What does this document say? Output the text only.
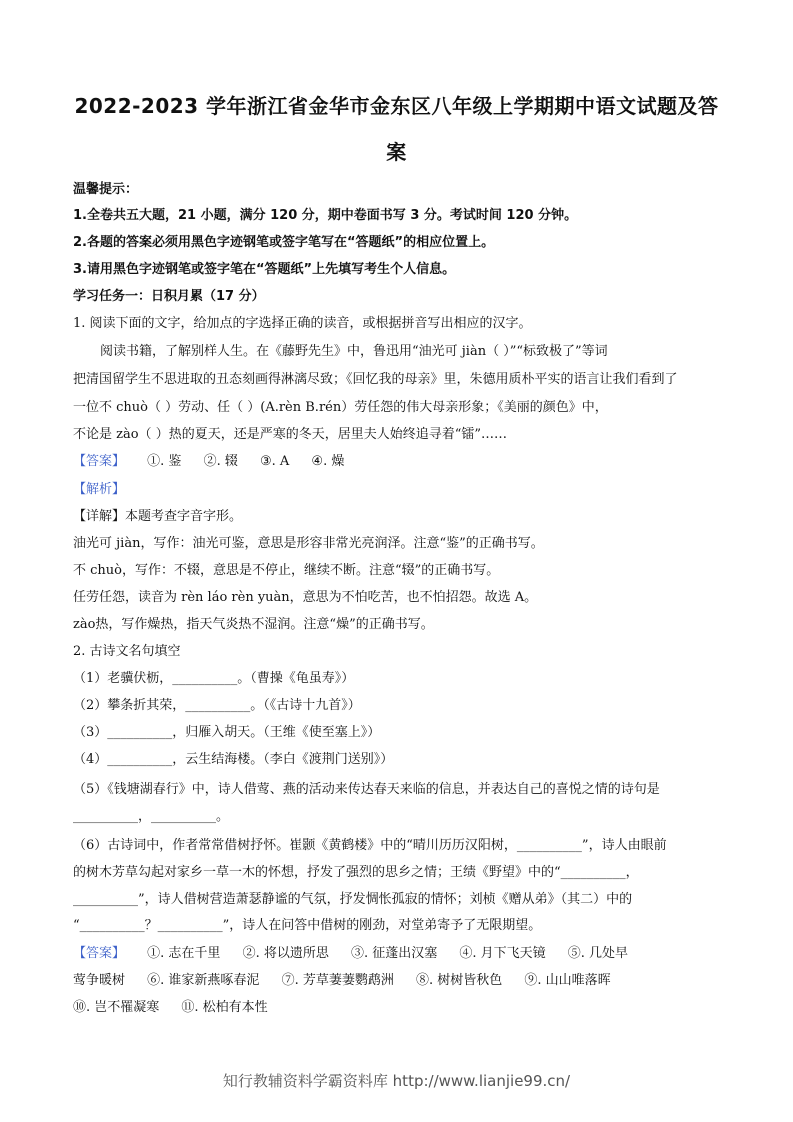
2022-2023 学年浙江省金华市金东区八年级上学期期中语文试题及答
案
温馨提示：
1.全卷共五大题，21 小题，满分 120 分，期中卷面书写 3 分。考试时间 120 分钟。
2.各题的答案必须用黑色字迹钢笔或签字笔写在“答题纸”的相应位置上。
3.请用黑色字迹钢笔或签字笔在“答题纸”上先填写考生个人信息。
学习任务一：日积月累（17 分）
1. 阅读下面的文字，给加点的字选择正确的读音，或根据拼音写出相应的汉字。
阅读书籍，了解别样人生。在《藤野先生》中，鲁迅用“油光可 jiàn（ ）”“标致极了”等词
把清国留学生不思进取的丑态刻画得淋漓尽致；《回忆我的母亲》里，朱德用质朴平实的语言让我们看到了
一位不 chuò（ ）劳动、任（ ）(A.rèn B.rén）劳任怨的伟大母亲形象；《美丽的颜色》中，
不论是 zào（ ）热的夏天，还是严寒的冬天，居里夫人始终追寻着“镭”……
【答案】 ①. 鉴 ②. 辍 ③. A ④. 燥
【解析】
【详解】本题考查字音字形。
油光可 jiàn，写作：油光可鉴，意思是形容非常光亮润泽。注意“鉴”的正确书写。
不 chuò，写作：不辍，意思是不停止，继续不断。注意“辍”的正确书写。
任劳任怨，读音为 rèn láo rèn yuàn，意思为不怕吃苦，也不怕招怨。故选 A。
zào热，写作燥热，指天气炎热不湿润。注意“燥”的正确书写。
2. 古诗文名句填空
（1）老骥伏枥，__________。（曹操《龟虽寿》）
（2）攀条折其荣，__________。（《古诗十九首》）
（3）__________，归雁入胡天。（王维《使至塞上》）
（4）__________，云生结海楼。（李白《渡荆门送别》）
（5）《钱塘湖春行》中，诗人借莺、燕的活动来传达春天来临的信息，并表达自己的喜悦之情的诗句是
__________，__________。
（6）古诗词中，作者常常借树抒怀。崔颢《黄鹤楼》中的“晴川历历汉阳树，__________”，诗人由眼前
的树木芳草勾起对家乡一草一木的怀想，抒发了强烈的思乡之情；王绩《野望》中的“__________，
__________”，诗人借树营造萧瑟静谧的气氛，抒发惆怅孤寂的情怀；刘桢《赠从弟》（其二）中的
“__________？__________”，诗人在问答中借树的刚劲，对堂弟寄予了无限期望。
【答案】 ①. 志在千里 ②. 将以遗所思 ③. 征蓬出汉塞 ④. 月下飞天镜 ⑤. 几处早
莺争暖树 ⑥. 谁家新燕啄春泥 ⑦. 芳草萋萋鹦鹉洲 ⑧. 树树皆秋色 ⑨. 山山唯落晖
⑩. 岂不罹凝寒 ⑪. 松柏有本性
知行教辅资料学霸资料库 http://www.lianjie99.cn/
